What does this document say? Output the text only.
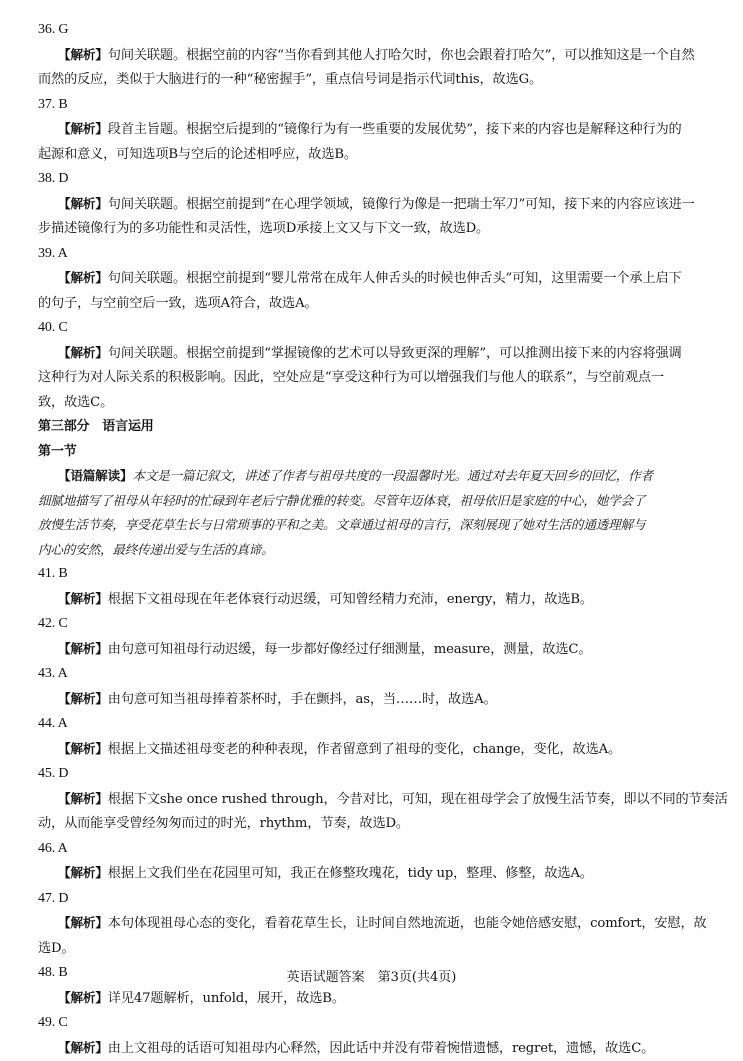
36. G
【解析】句间关联题。根据空前的内容“当你看到其他人打哈欠时，你也会跟着打哈欠”，可以推知这是一个自然
而然的反应，类似于大脑进行的一种“秘密握手”，重点信号词是指示代词this，故选G。
37. B
【解析】段首主旨题。根据空后提到的“镜像行为有一些重要的发展优势”，接下来的内容也是解释这种行为的
起源和意义，可知选项B与空后的论述相呼应，故选B。
38. D
【解析】句间关联题。根据空前提到“在心理学领域，镜像行为像是一把瑞士军刀”可知，接下来的内容应该进一
步描述镜像行为的多功能性和灵活性，选项D承接上文又与下文一致，故选D。
39. A
【解析】句间关联题。根据空前提到“婴儿常常在成年人伸舌头的时候也伸舌头”可知，这里需要一个承上启下
的句子，与空前空后一致，选项A符合，故选A。
40. C
【解析】句间关联题。根据空前提到“掌握镜像的艺术可以导致更深的理解”，可以推测出接下来的内容将强调
这种行为对人际关系的积极影响。因此，空处应是“享受这种行为可以增强我们与他人的联系”，与空前观点一
致，故选C。
第三部分　语言运用
第一节
【语篇解读】本文是一篇记叙文，讲述了作者与祖母共度的一段温馨时光。通过对去年夏天回乡的回忆，作者
细腻地描写了祖母从年轻时的忙碌到年老后宁静优雅的转变。尽管年迈体衰，祖母依旧是家庭的中心，她学会了
放慢生活节奏，享受花草生长与日常琐事的平和之美。文章通过祖母的言行，深刻展现了她对生活的通透理解与
内心的安然，最终传递出爱与生活的真谛。
41. B
【解析】根据下文祖母现在年老体衰行动迟缓，可知曾经精力充沛，energy，精力，故选B。
42. C
【解析】由句意可知祖母行动迟缓，每一步都好像经过仔细测量，measure，测量，故选C。
43. A
【解析】由句意可知当祖母捧着茶杯时，手在颤抖，as，当……时，故选A。
44. A
【解析】根据上文描述祖母变老的种种表现，作者留意到了祖母的变化，change，变化，故选A。
45. D
【解析】根据下文she once rushed through，今昔对比，可知，现在祖母学会了放慢生活节奏，即以不同的节奏活
动，从而能享受曾经匆匆而过的时光，rhythm，节奏，故选D。
46. A
【解析】根据上文我们坐在花园里可知，我正在修整玫瑰花，tidy up，整理、修整，故选A。
47. D
【解析】本句体现祖母心态的变化，看着花草生长，让时间自然地流逝，也能令她倍感安慰，comfort，安慰，故
选D。
48. B
【解析】详见47题解析，unfold，展开，故选B。
49. C
【解析】由上文祖母的话语可知祖母内心释然，因此话中并没有带着惋惜遗憾，regret，遗憾，故选C。
英语试题答案　第3页(共4页)
